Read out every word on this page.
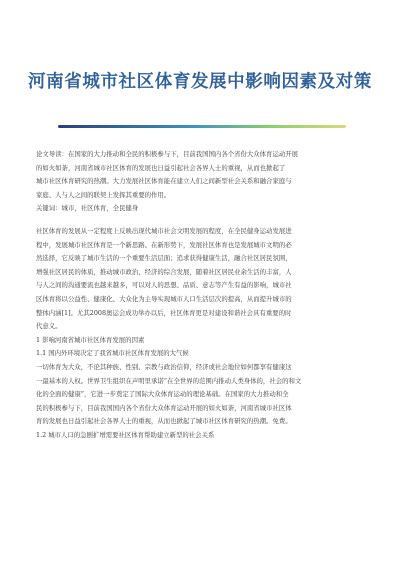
河南省城市社区体育发展中影响因素及对策

论文导读：在国家的大力推动和全民的积极参与下，目前我国国内各个省份大众体育运动开展

的如火如荼，河南省城市社区体育的发展也日益引起社会各界人士的重视，从而也掀起了

城市社区体育研究的热潮。大力发展社区体育能在建立人们之间新型社会关系和融合家庭与

家庭、人与人之间的联契上发挥其重要的作用。

关键词：城市，社区体育，全民健身

社区体育的发展从一定程度上反映出现代城市社会文明发展的程度，在全民健身运动发展进

程中，发展城市社区体育是一个新思路。在新形势下，发展社区体育也是发展城市文明的必

然选择，它反映了城市生活的一个重要生活层面；追求获得健康生活，融合社区居民氛围，

增强社区居民的体质，推动城市政治、经济的综合发展，随着社区居民业余生活的丰富，人

与人之间的沟通要流也越来越多，可以对人的思想、品质、意志等产生有益的影响，城市社

区体育将以公益性、健康化、大众化为主导实现城市人口生活层次的提高，从而提升城市的

整体内涵[1]。尤其2008奥运会成功举办以后，社区体育更是对建设和谐社会具有重要的时

代意义。

1 影响河南省城市社区体育发展的因素

1.1 国内外环境决定了我省城市社区体育发展的大气候

一切体育为大众，不论其种族、性别、宗教与政治信仰，经济或社会地位如何都享有健康这

一最基本的人权。世界卫生组织在声明里承诺“在全世界的范围内推动人类身体的，社会的和文

化的全面的健康”，它进一步奠定了国际大众体育运动的理论基础。在国家的大力推动和全

民的积极参与下，目前我国国内各个省份大众体育运动开展的如火如荼，河南省城市社区体

育的发展也日益引起社会各界人士的重视，从而也掀起了城市社区体育研究的热潮。免费。

1.2 城市人口的急剧扩增需要社区体育帮助建立新型的社会关系
